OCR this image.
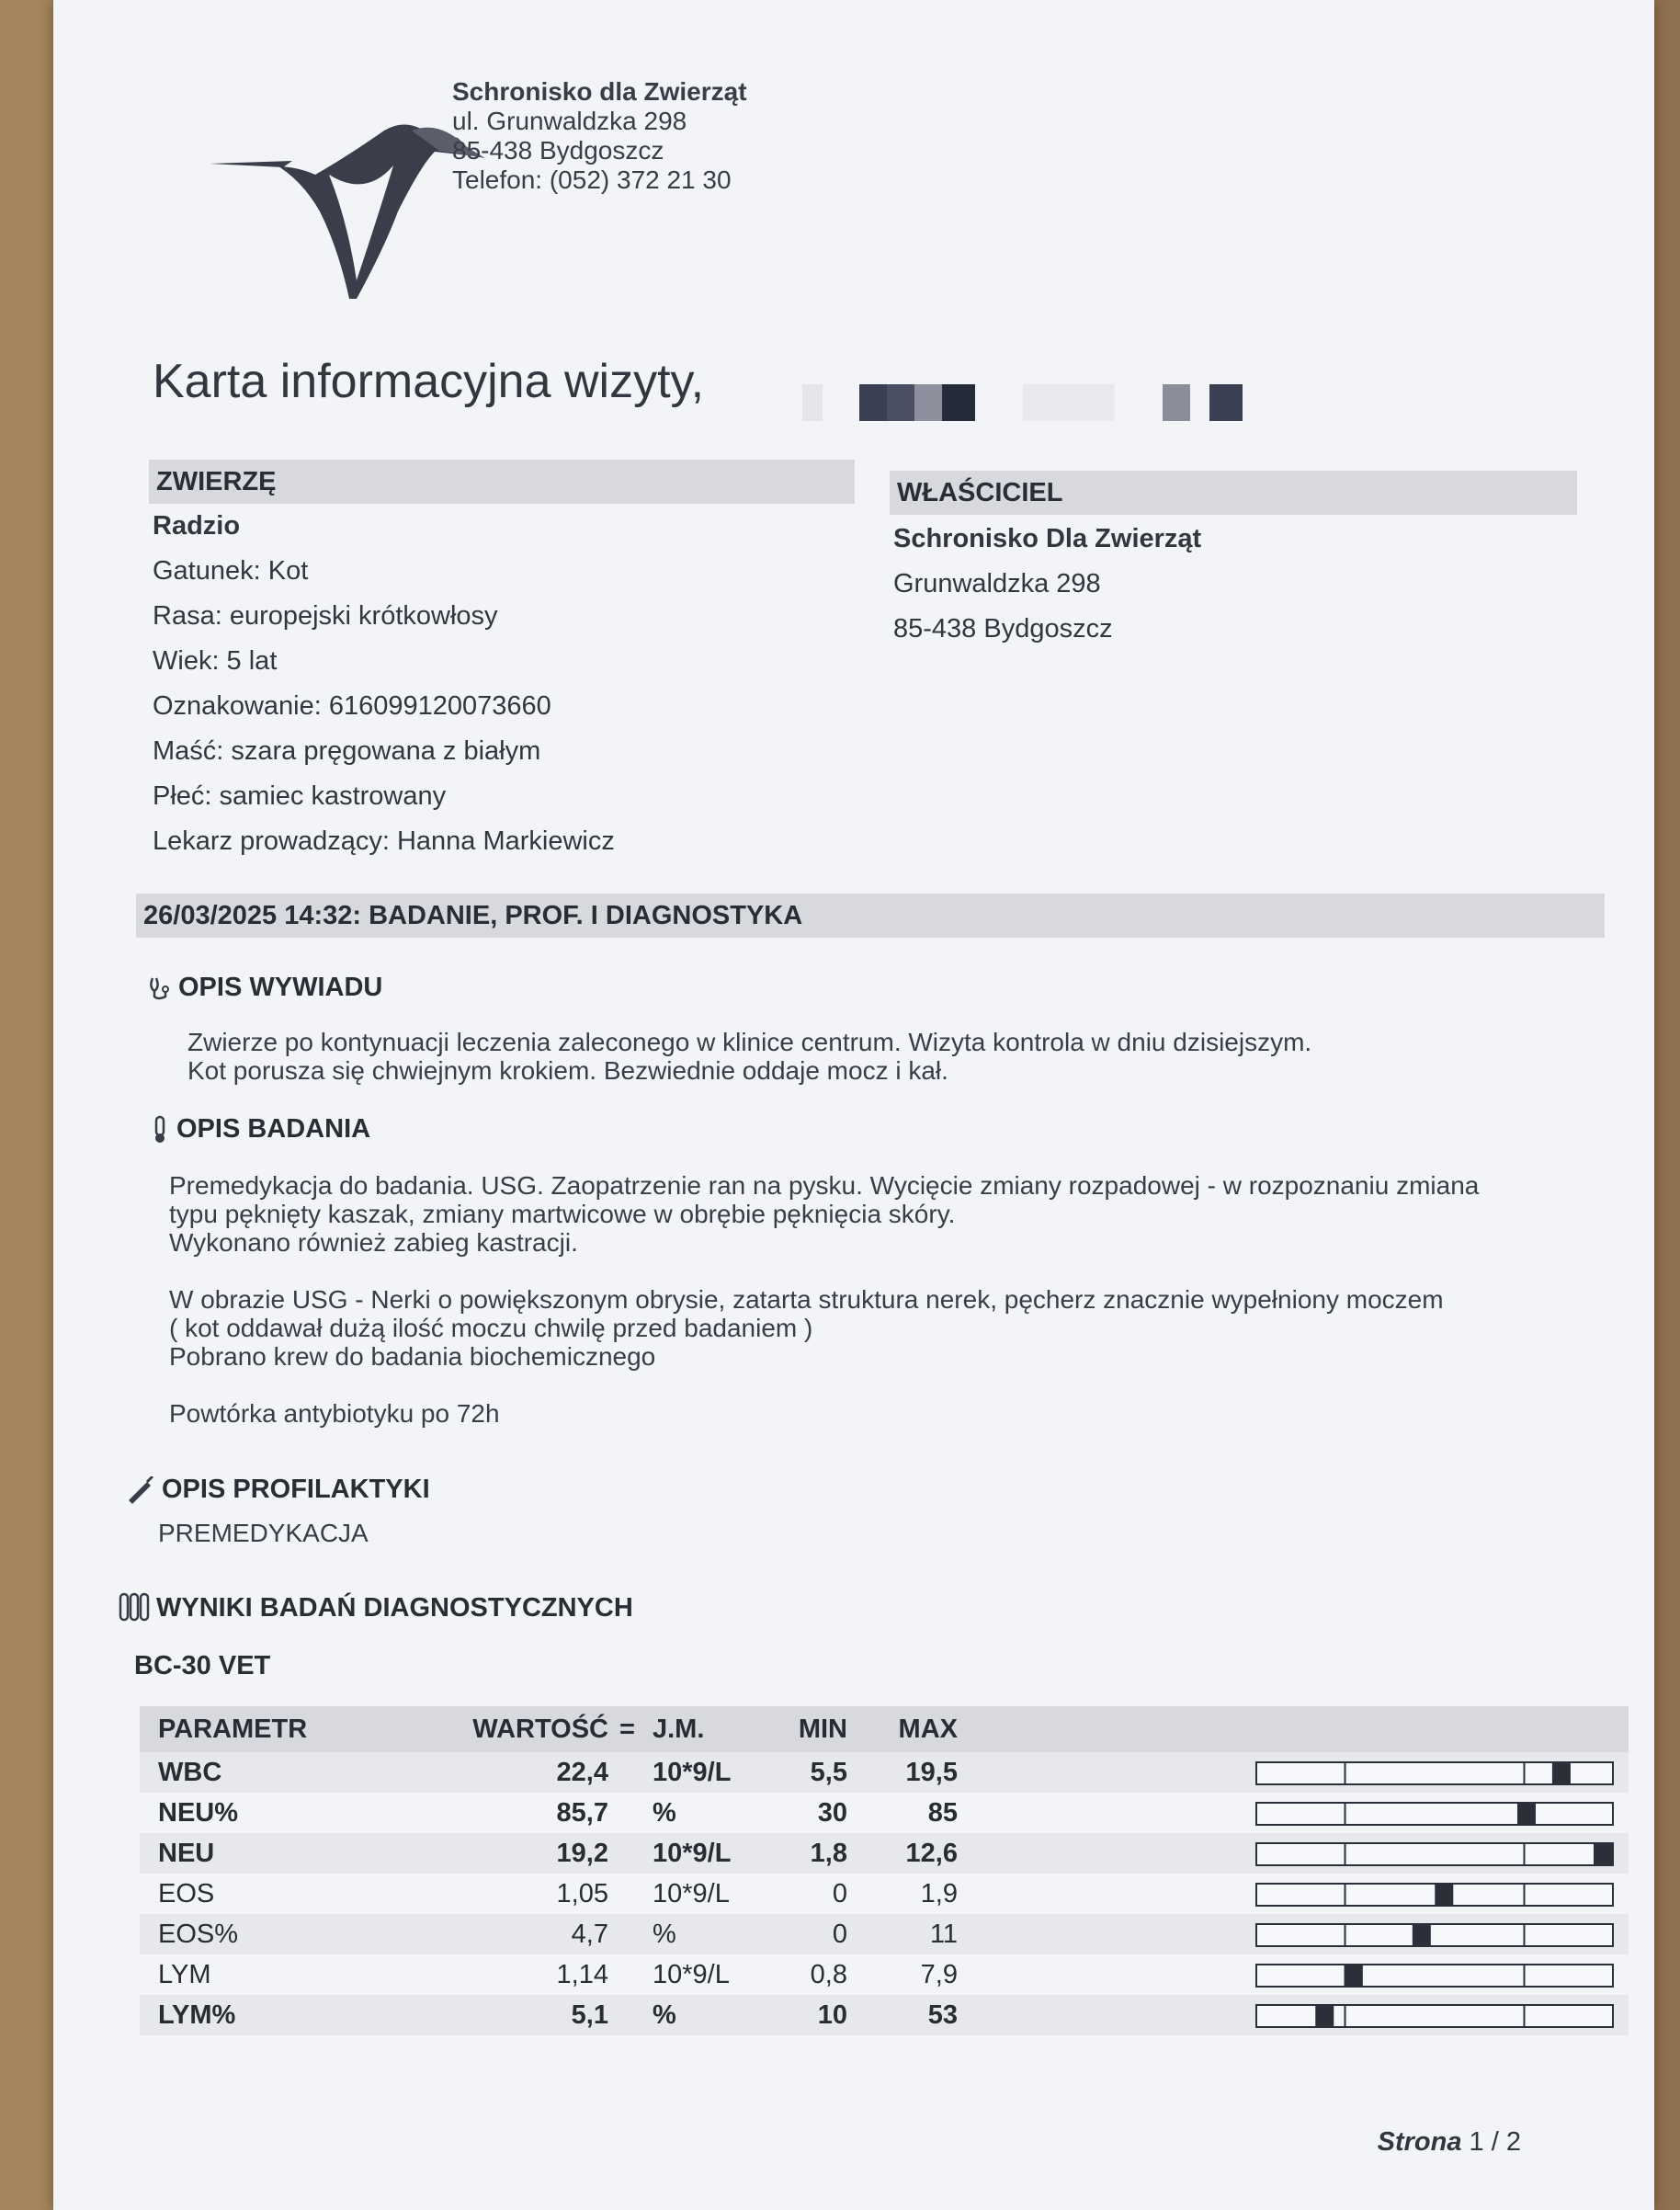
Schronisko dla Zwierząt
ul. Grunwaldzka 298
85-438 Bydgoszcz
Telefon: (052) 372 21 30
Karta informacyjna wizyty,
ZWIERZĘ
Radzio
Gatunek: Kot
Rasa: europejski krótkowłosy
Wiek: 5 lat
Oznakowanie: 616099120073660
Maść: szara pręgowana z białym
Płeć: samiec kastrowany
Lekarz prowadzący: Hanna Markiewicz
WŁAŚCICIEL
Schronisko Dla Zwierząt
Grunwaldzka 298
85-438 Bydgoszcz
26/03/2025 14:32: BADANIE, PROF. I DIAGNOSTYKA
OPIS WYWIADU
Zwierze po kontynuacji leczenia zaleconego w klinice centrum. Wizyta kontrola w dniu dzisiejszym.
Kot porusza się chwiejnym krokiem. Bezwiednie oddaje mocz i kał.
OPIS BADANIA
Premedykacja do badania. USG. Zaopatrzenie ran na pysku. Wycięcie zmiany rozpadowej - w rozpoznaniu zmiana
typu pęknięty kaszak, zmiany martwicowe w obrębie pęknięcia skóry.
Wykonano również zabieg kastracji.

W obrazie USG - Nerki o powiększonym obrysie, zatarta struktura nerek, pęcherz znacznie wypełniony moczem
( kot oddawał dużą ilość moczu chwilę przed badaniem )
Pobrano krew do badania biochemicznego

Powtórka antybiotyku po 72h
OPIS PROFILAKTYKI
PREMEDYKACJA
WYNIKI BADAŃ DIAGNOSTYCZNYCH
BC-30 VET
PARAMETR	WARTOŚĆ = J.M.	MIN	MAX
WBC	22,4 10*9/L	5,5	19,5
NEU%	85,7 %	30	85
NEU	19,2 10*9/L	1,8	12,6
EOS	1,05 10*9/L	0	1,9
EOS%	4,7 %	0	11
LYM	1,14 10*9/L	0,8	7,9
LYM%	5,1 %	10	53
Strona 1 / 2
